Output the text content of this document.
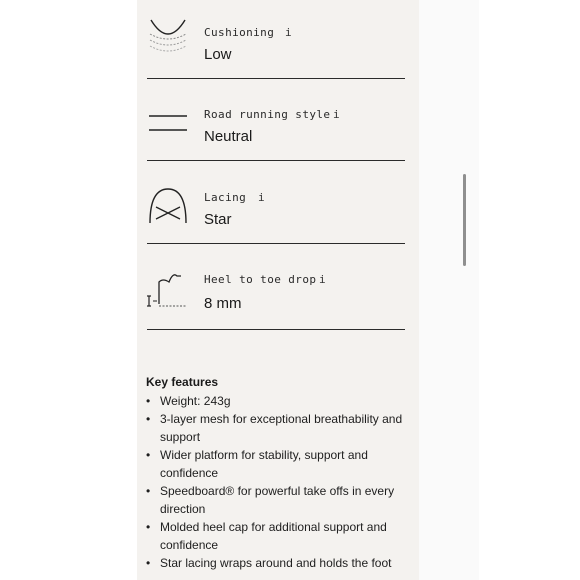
Cushioning i
Low
Road running style i
Neutral
Lacing i
Star
Heel to toe drop i
8 mm
Key features
• Weight: 243g
• 3-layer mesh for exceptional breathability and support
• Wider platform for stability, support and confidence
• Speedboard® for powerful take offs in every direction
• Molded heel cap for additional support and confidence
• Star lacing wraps around and holds the foot
